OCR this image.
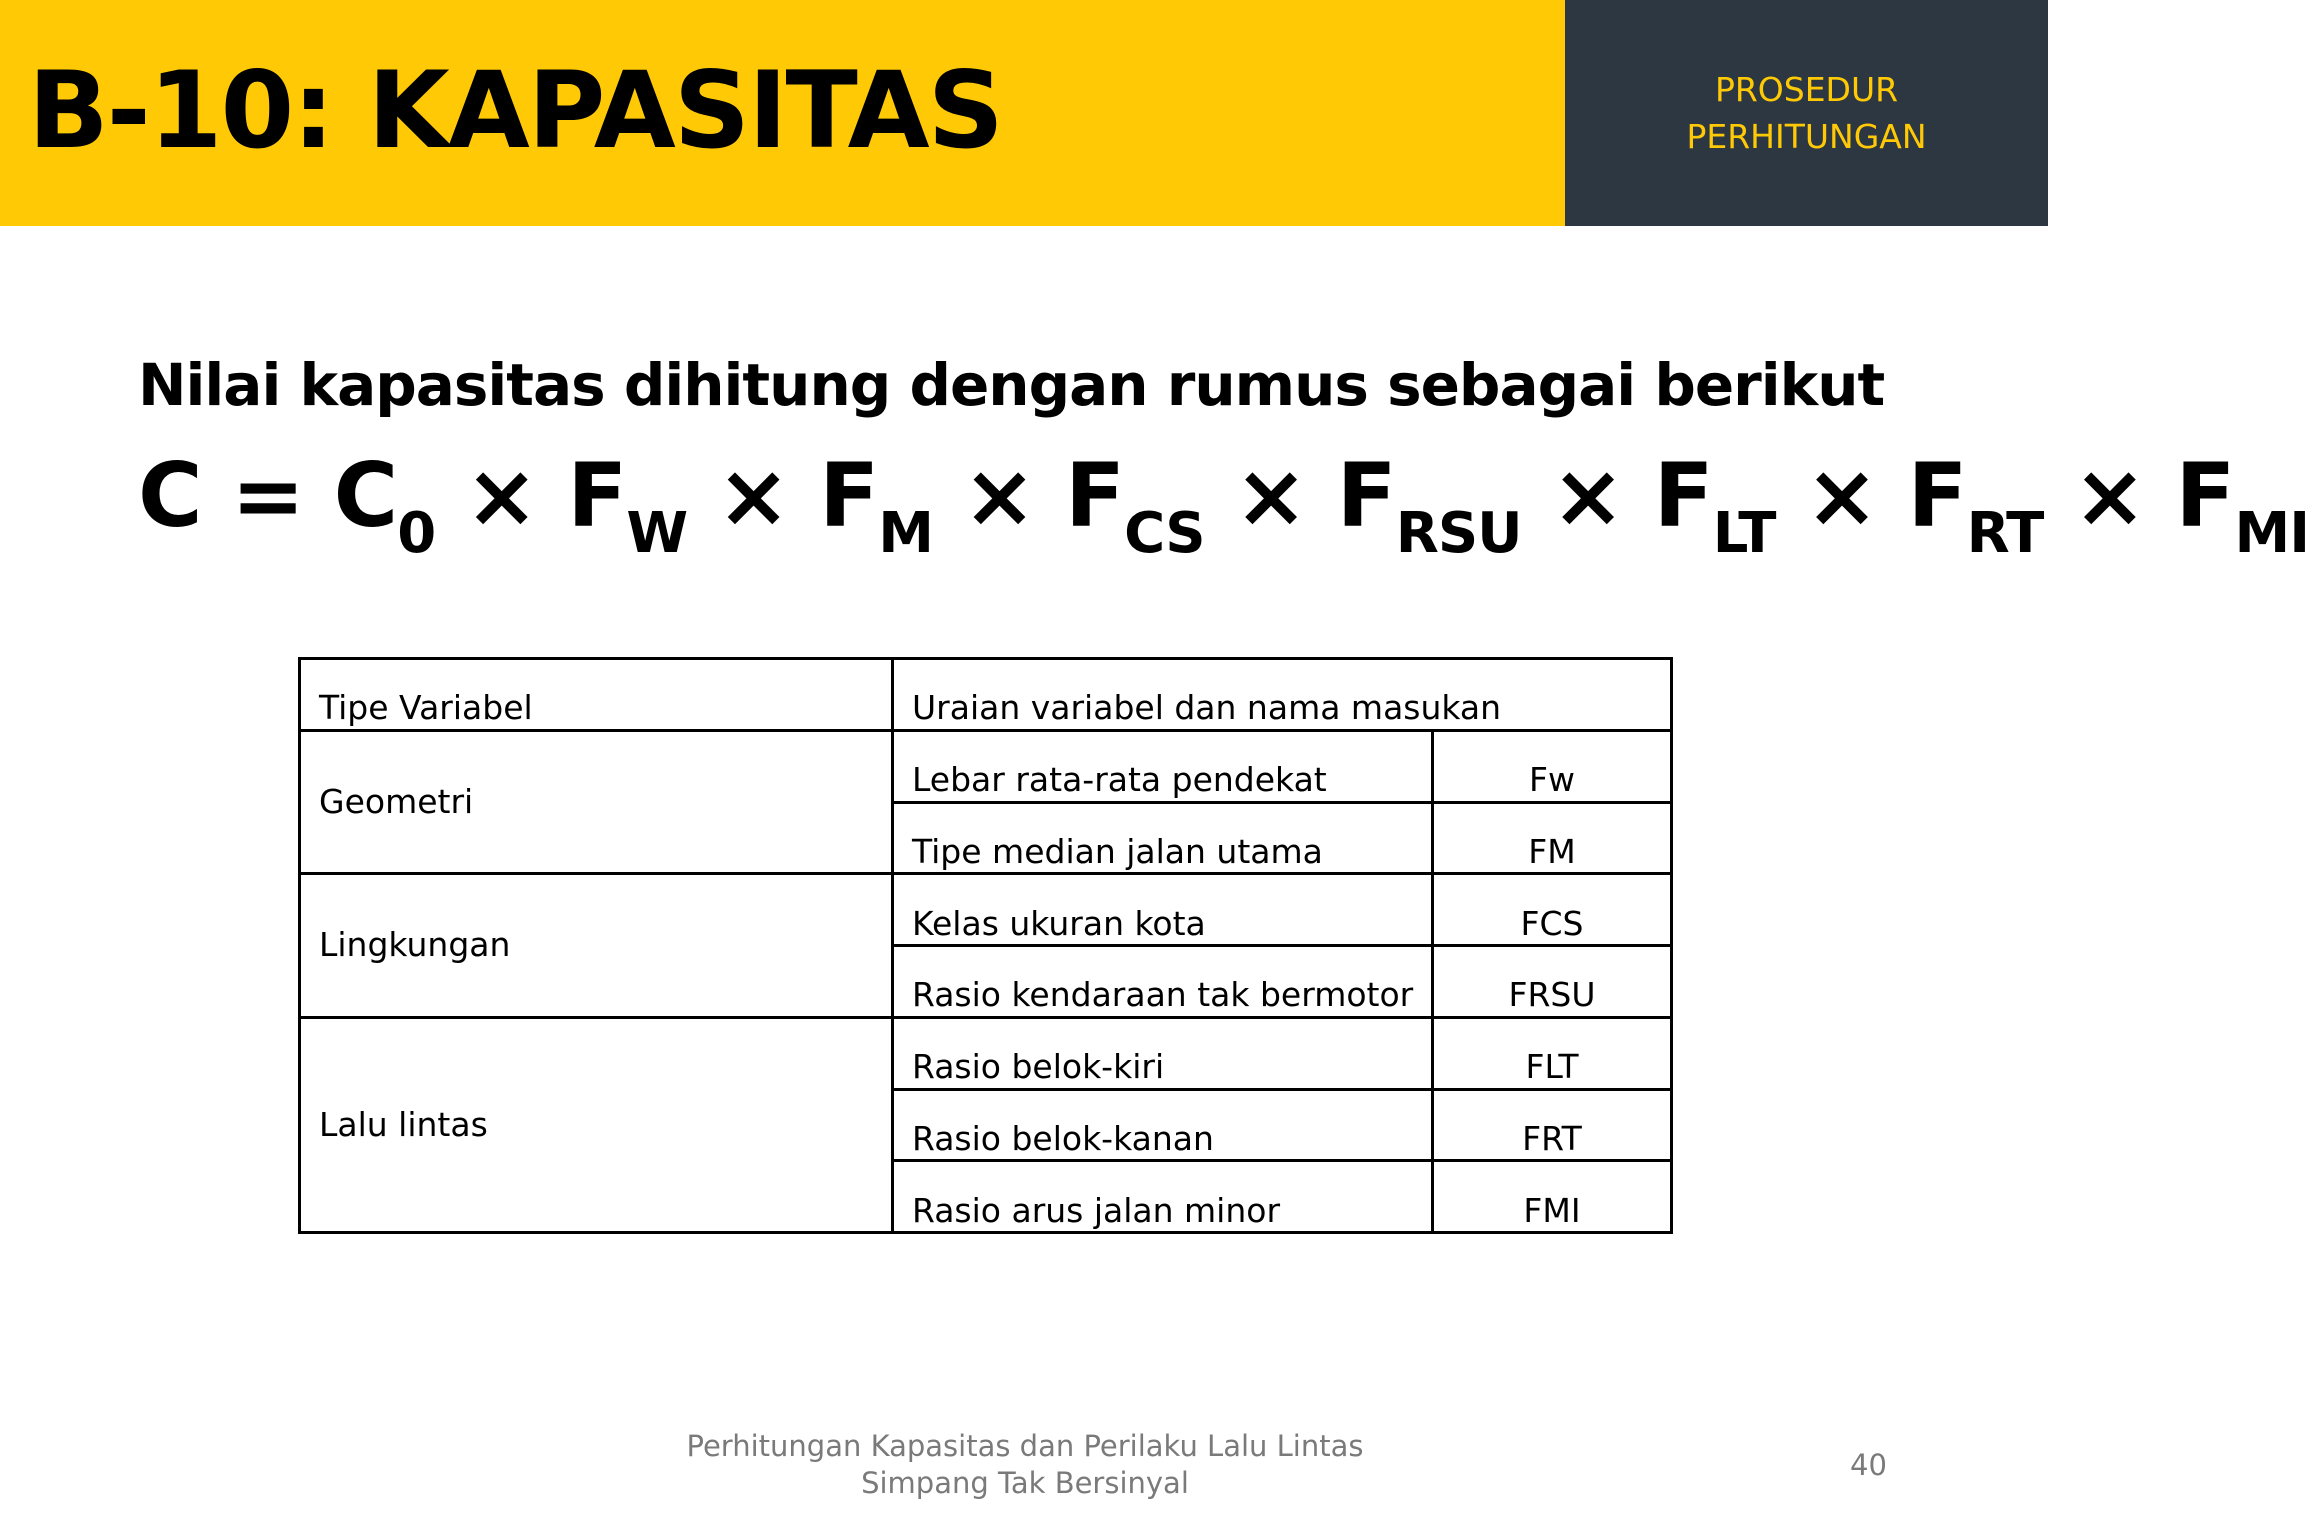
B-10: KAPASITAS	PROSEDUR
PERHITUNGAN

Nilai kapasitas dihitung dengan rumus sebagai berikut

$C = C_0 \times F_W \times F_M \times F_{CS} \times F_{RSU} \times F_{LT} \times F_{RT} \times F_{MI}$

Tipe Variabel	Uraian variabel dan nama masukan	
Geometri	Lebar rata-rata pendekat	Fw
	Tipe median jalan utama	FM
Lingkungan	Kelas ukuran kota	FCS
	Rasio kendaraan tak bermotor	FRSU
Lalu lintas	Rasio belok-kiri	FLT
	Rasio belok-kanan	FRT
	Rasio arus jalan minor	FMI
Perhitungan Kapasitas dan Perilaku Lalu Lintas
Simpang Tak Bersinyal
40
